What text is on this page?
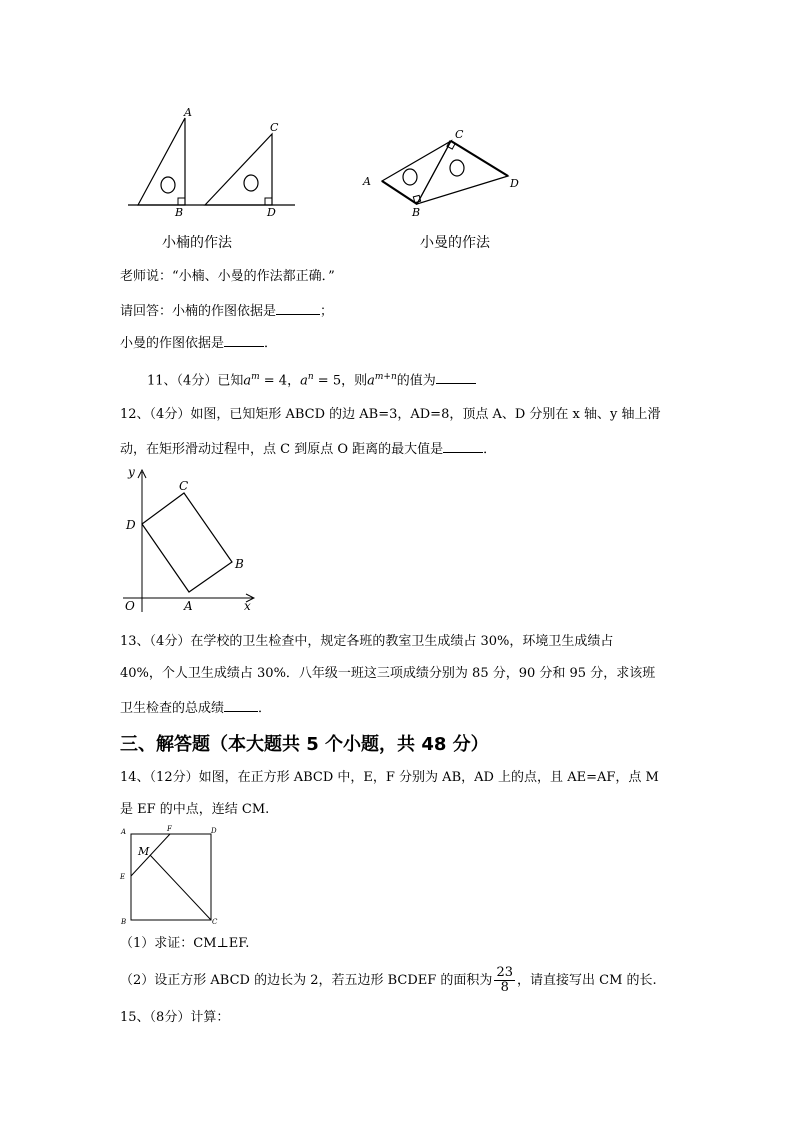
A
B
C
D
A
B
C
D
小楠的作法	小曼的作法
老师说：“小楠、小曼的作法都正确．”
请回答：小楠的作图依据是	；
小曼的作图依据是	．
11、（4分）已知$a^m = 4$，$a^n = 5$，则$a^{m+n}$的值为
12、（4分）如图，已知矩形 ABCD 的边 AB=3，AD=8，顶点 A、D 分别在 x 轴、y 轴上滑
动，在矩形滑动过程中，点 C 到原点 O 距离的最大值是	．
y
x
O	A
B
C
D
13、（4分）在学校的卫生检查中，规定各班的教室卫生成绩占 30%，环境卫生成绩占
40%，个人卫生成绩占 30%．八年级一班这三项成绩分别为 85 分，90 分和 95 分，求该班
卫生检查的总成绩	．
三、解答题（本大题共 5 个小题，共 48 分）
14、（12分）如图，在正方形 ABCD 中，E，F 分别为 AB，AD 上的点，且 AE=AF，点 M
是 EF 的中点，连结 CM.
A	F	D
M
E
B	C
（1）求证：CM⊥EF.
（2）设正方形 ABCD 的边长为 2，若五边形 BCDEF 的面积为 $\frac{23}{8}$ ，请直接写出 CM 的长.
15、（8分）计算：
